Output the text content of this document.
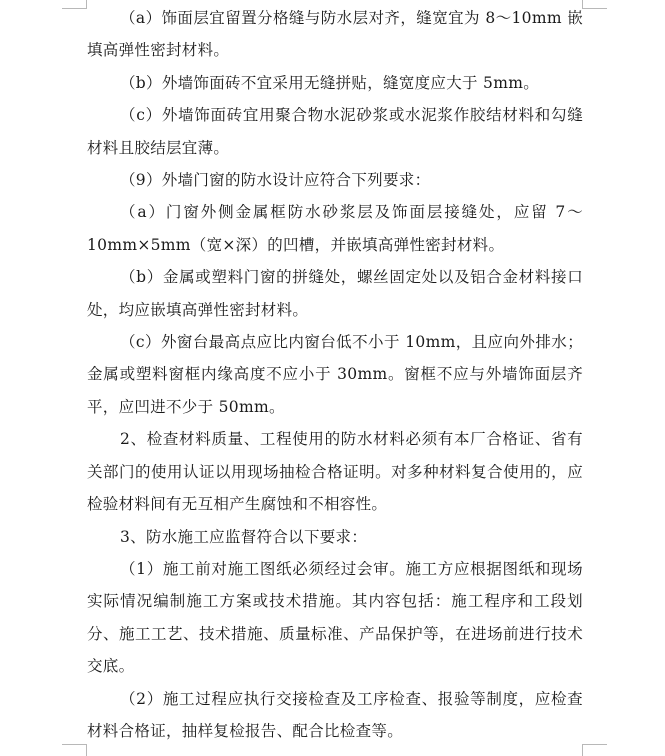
（a）饰面层宜留置分格缝与防水层对齐，缝宽宜为 8～10mm 嵌填高弹性密封材料。

（b）外墙饰面砖不宜采用无缝拼贴，缝宽度应大于 5mm。

（c）外墙饰面砖宜用聚合物水泥砂浆或水泥浆作胶结材料和勾缝材料且胶结层宜薄。

（9）外墙门窗的防水设计应符合下列要求：

（a）门窗外侧金属框防水砂浆层及饰面层接缝处，应留 7～10mm×5mm（宽×深）的凹槽，并嵌填高弹性密封材料。

（b）金属或塑料门窗的拼缝处，螺丝固定处以及铝合金材料接口处，均应嵌填高弹性密封材料。

（c）外窗台最高点应比内窗台低不小于 10mm，且应向外排水；金属或塑料窗框内缘高度不应小于 30mm。窗框不应与外墙饰面层齐平，应凹进不少于 50mm。

2、检查材料质量、工程使用的防水材料必须有本厂合格证、省有关部门的使用认证以用现场抽检合格证明。对多种材料复合使用的，应检验材料间有无互相产生腐蚀和不相容性。

3、防水施工应监督符合以下要求：

（1）施工前对施工图纸必须经过会审。施工方应根据图纸和现场实际情况编制施工方案或技术措施。其内容包括：施工程序和工段划分、施工工艺、技术措施、质量标准、产品保护等，在进场前进行技术交底。

（2）施工过程应执行交接检查及工序检查、报验等制度，应检查材料合格证，抽样复检报告、配合比检查等。
